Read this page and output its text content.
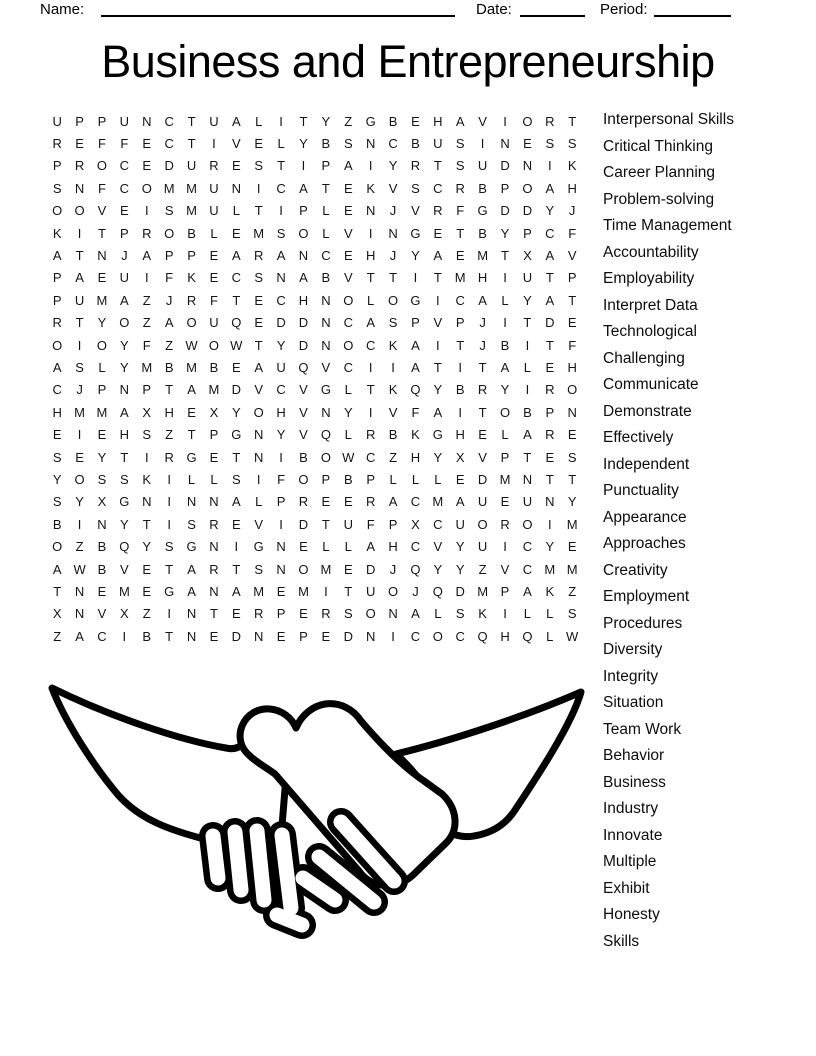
Name:	Date:	Period:
Business and Entrepreneurship
U	P	P	U	N	C	T	U	A	L	I	T	Y	Z	G	B	E	H	A	V	I	O R	T
R	E	F	F	E	C	T	I	V	E	L	Y	B	S	N	C	B	U	S	I	N	E	S	S
P	R O C	E	D	U	R	E	S	T	I	P	A	I	Y	R	T	S	U	D	N	I	K
S	N	F	C O M M U	N	I	C	A	T	E	K	V	S	C	R	B	P O	A	H
O O	V	E	I	S M U	L	T	I	P	L	E	N	J	V	R	F	G D	D	Y	J
K	I	T	P	R O	B	L	E M S O	L	V	I	N G	E	T	B	Y	P	C	F
A	T	N	J	A	P	P	E	A	R	A	N	C	E	H	J	Y	A	E M	T	X	A	V
P	A	E	U	I	F	K	E	C	S	N	A	B	V	T	T	I	T M H	I	U	T	P
P	U M A	Z	J	R	F	T	E	C	H	N O	L	O G	I	C	A	L	Y	A	T
R	T	Y O	Z	A O U Q	E	D	D	N	C	A	S	P	V	P	J	I	T	D	E
O	I	O	Y	F	Z W O W T	Y	D	N O C	K	A	I	T	J	B	I	T	F
A	S	L	Y M B M B	E	A	U Q	V	C	I	I	A	T	I	T	A	L	E	H
C	J	P	N	P	T	A M D	V	C	V G	L	T	K Q	Y	B	R	Y	I	R O
H M M A	X	H	E	X	Y O H	V	N	Y	I	V	F	A	I	T	O	B	P	N
E	I	E	H	S	Z	T	P G N	Y	V Q	L	R	B	K G H	E	L	A	R	E
S	E	Y	T	I	R G	E	T	N	I	B O W C	Z	H	Y	X	V	P	T	E	S
Y O	S	S	K	I	L	L	S	I	F	O	P	B	P	L	L	L	E	D M N	T	T
S	Y	X G N	I	N	N	A	L	P	R	E	E	R	A	C M A	U	E	U	N	Y
B	I	N	Y	T	I	S	R	E	V	I	D	T	U	F	P	X	C	U O R O	I	M
O	Z	B Q	Y	S G N	I	G N	E	L	L	A	H	C	V	Y	U	I	C	Y	E
A W B	V	E	T	A	R	T	S	N O M E	D	J	Q	Y	Y	Z	V	C M M
T	N	E M E G	A	N	A M E M	I	T	U O	J	Q D M P	A	K	Z
X	N	V	X	Z	I	N	T	E	R	P	E	R	S O N	A	L	S	K	I	L	L	S
Z	A	C	I	B	T	N	E	D	N	E	P	E	D	N	I	C O C Q H Q	L W
Interpersonal Skills
Critical Thinking
Career Planning
Problem-solving
Time Management
Accountability
Employability
Interpret Data
Technological
Challenging
Communicate
Demonstrate
Effectively
Independent
Punctuality
Appearance
Approaches
Creativity
Employment
Procedures
Diversity
Integrity
Situation
Team Work
Behavior
Business
Industry
Innovate
Multiple
Exhibit
Honesty
Skills
